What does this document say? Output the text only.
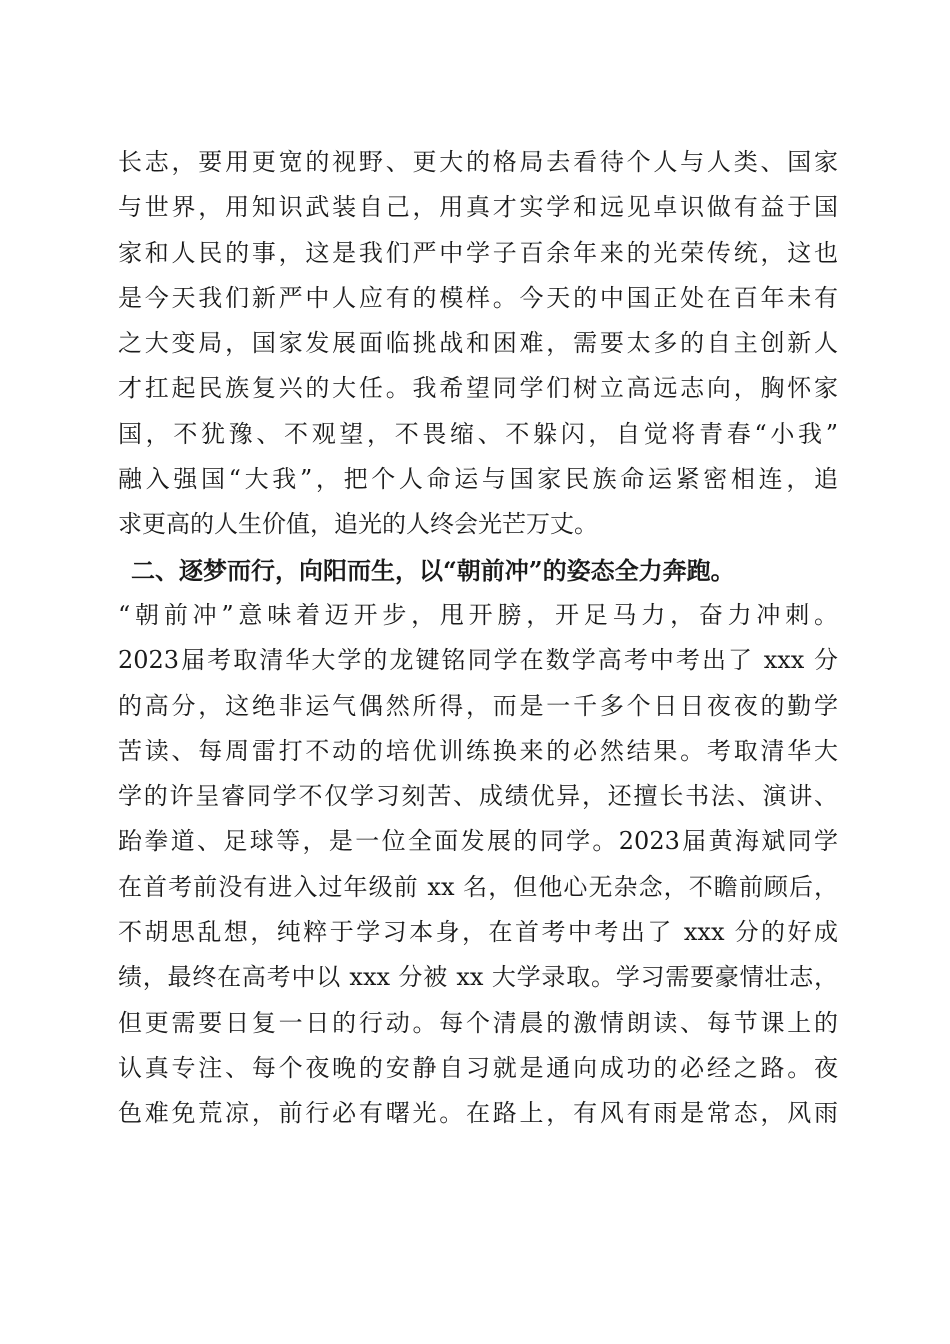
长志，要用更宽的视野、更大的格局去看待个人与人类、国家
与世界，用知识武装自己，用真才实学和远见卓识做有益于国
家和人民的事，这是我们严中学子百余年来的光荣传统，这也
是今天我们新严中人应有的模样。今天的中国正处在百年未有
之大变局，国家发展面临挑战和困难，需要太多的自主创新人
才扛起民族复兴的大任。我希望同学们树立高远志向，胸怀家
国，不犹豫、不观望，不畏缩、不躲闪，自觉将青春“小我”
融入强国“大我”，把个人命运与国家民族命运紧密相连，追
求更高的人生价值，追光的人终会光芒万丈。
二、逐梦而行，向阳而生，以“朝前冲”的姿态全力奔跑。
“朝前冲”意味着迈开步，甩开膀，开足马力，奋力冲刺。
2023届考取清华大学的龙键铭同学在数学高考中考出了 xxx 分
的高分，这绝非运气偶然所得，而是一千多个日日夜夜的勤学
苦读、每周雷打不动的培优训练换来的必然结果。考取清华大
学的许呈睿同学不仅学习刻苦、成绩优异，还擅长书法、演讲、
跆拳道、足球等，是一位全面发展的同学。2023届黄海斌同学
在首考前没有进入过年级前 xx 名，但他心无杂念，不瞻前顾后，
不胡思乱想，纯粹于学习本身，在首考中考出了 xxx 分的好成
绩，最终在高考中以 xxx 分被 xx 大学录取。学习需要豪情壮志，
但更需要日复一日的行动。每个清晨的激情朗读、每节课上的
认真专注、每个夜晚的安静自习就是通向成功的必经之路。夜
色难免荒凉，前行必有曙光。在路上，有风有雨是常态，风雨
